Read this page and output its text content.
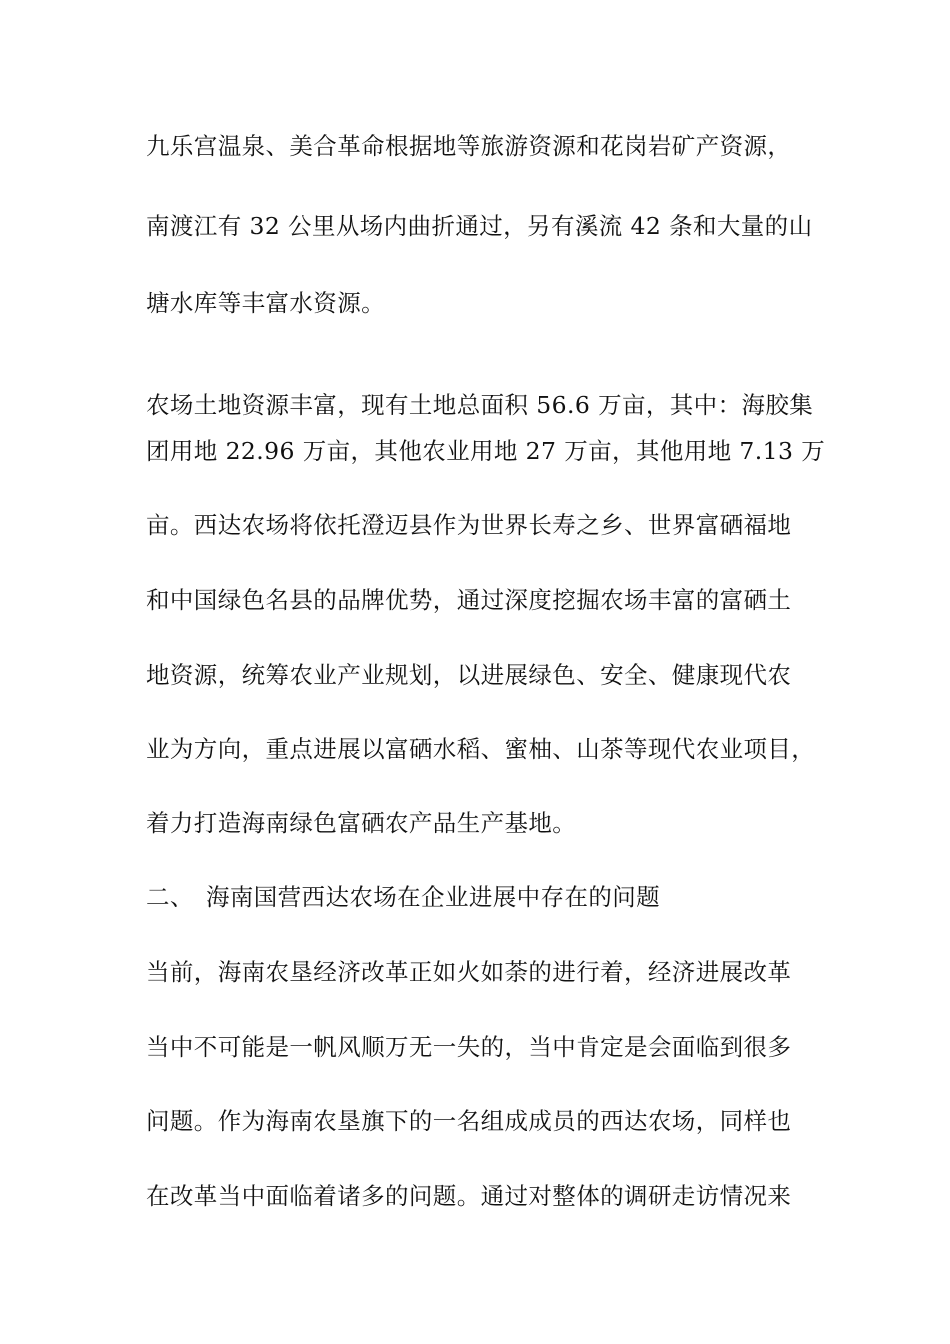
九乐宫温泉、美合革命根据地等旅游资源和花岗岩矿产资源，
南渡江有 32 公里从场内曲折通过，另有溪流 42 条和大量的山
塘水库等丰富水资源。
农场土地资源丰富，现有土地总面积 56.6 万亩，其中：海胶集
团用地 22.96 万亩，其他农业用地 27 万亩，其他用地 7.13 万
亩。西达农场将依托澄迈县作为世界长寿之乡、世界富硒福地
和中国绿色名县的品牌优势，通过深度挖掘农场丰富的富硒土
地资源，统筹农业产业规划，以进展绿色、安全、健康现代农
业为方向，重点进展以富硒水稻、蜜柚、山茶等现代农业项目，
着力打造海南绿色富硒农产品生产基地。
二、　海南国营西达农场在企业进展中存在的问题
当前，海南农垦经济改革正如火如荼的进行着，经济进展改革
当中不可能是一帆风顺万无一失的，当中肯定是会面临到很多
问题。作为海南农垦旗下的一名组成成员的西达农场，同样也
在改革当中面临着诸多的问题。通过对整体的调研走访情况来
